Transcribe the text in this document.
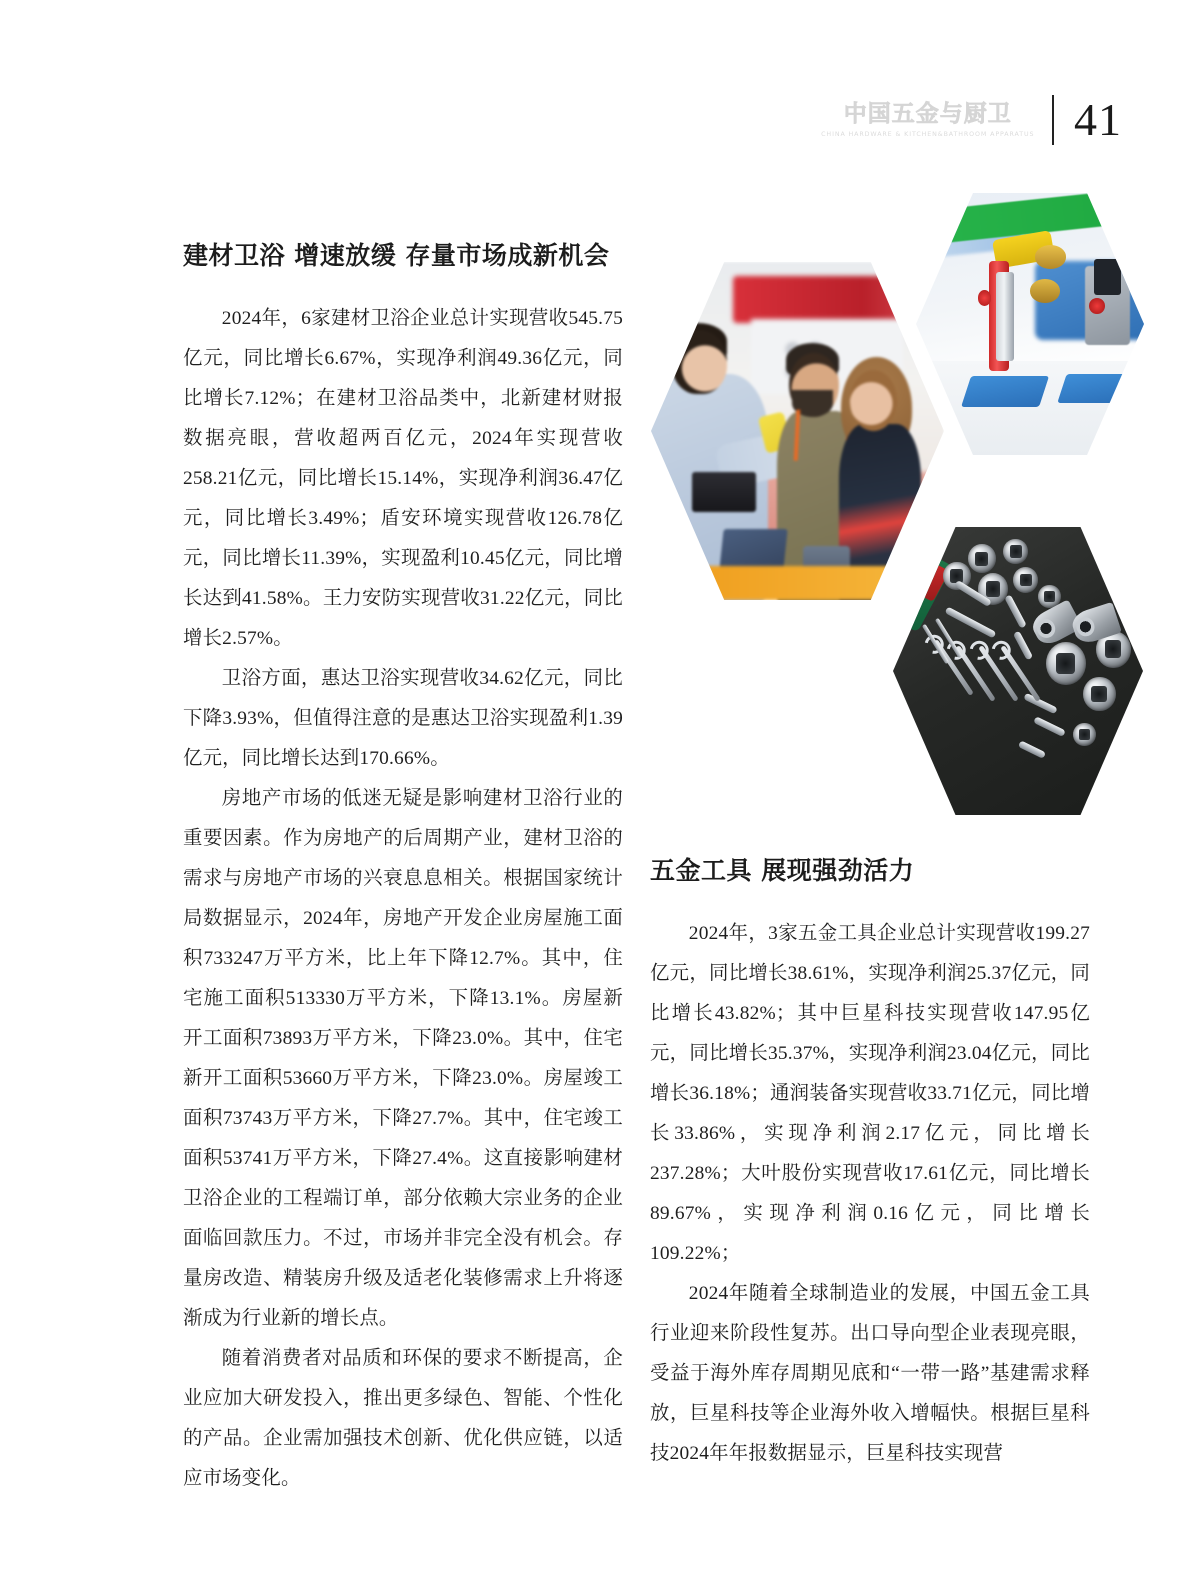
中国五金与厨卫
CHINA HARDWARE & KITCHEN&BATHROOM APPARATUS 41
建材卫浴 增速放缓 存量市场成新机会

2024年，6家建材卫浴企业总计实现营收545.75亿元，同比增长6.67%，实现净利润49.36亿元，同比增长7.12%；在建材卫浴品类中，北新建材财报数据亮眼，营收超两百亿元，2024年实现营收258.21亿元，同比增长15.14%，实现净利润36.47亿元，同比增长3.49%；盾安环境实现营收126.78亿元，同比增长11.39%，实现盈利10.45亿元，同比增长达到41.58%。王力安防实现营收31.22亿元，同比增长2.57%。

卫浴方面，惠达卫浴实现营收34.62亿元，同比下降3.93%，但值得注意的是惠达卫浴实现盈利1.39亿元，同比增长达到170.66%。

房地产市场的低迷无疑是影响建材卫浴行业的重要因素。作为房地产的后周期产业，建材卫浴的需求与房地产市场的兴衰息息相关。根据国家统计局数据显示，2024年，房地产开发企业房屋施工面积733247万平方米，比上年下降12.7%。其中，住宅施工面积513330万平方米，下降13.1%。房屋新开工面积73893万平方米，下降23.0%。其中，住宅新开工面积53660万平方米，下降23.0%。房屋竣工面积73743万平方米，下降27.7%。其中，住宅竣工面积53741万平方米，下降27.4%。这直接影响建材卫浴企业的工程端订单，部分依赖大宗业务的企业面临回款压力。不过，市场并非完全没有机会。存量房改造、精装房升级及适老化装修需求上升将逐渐成为行业新的增长点。

随着消费者对品质和环保的要求不断提高，企业应加大研发投入，推出更多绿色、智能、个性化的产品。企业需加强技术创新、优化供应链，以适应市场变化。

五金工具 展现强劲活力

2024年，3家五金工具企业总计实现营收199.27亿元，同比增长38.61%，实现净利润25.37亿元，同比增长43.82%；其中巨星科技实现营收147.95亿元，同比增长35.37%，实现净利润23.04亿元，同比增长36.18%；通润装备实现营收33.71亿元，同比增长33.86%，实现净利润2.17亿元，同比增长237.28%；大叶股份实现营收17.61亿元，同比增长89.67%，实现净利润0.16亿元，同比增长109.22%；

2024年随着全球制造业的发展，中国五金工具行业迎来阶段性复苏。出口导向型企业表现亮眼，受益于海外库存周期见底和“一带一路”基建需求释放，巨星科技等企业海外收入增幅快。根据巨星科技2024年年报数据显示，巨星科技实现营
